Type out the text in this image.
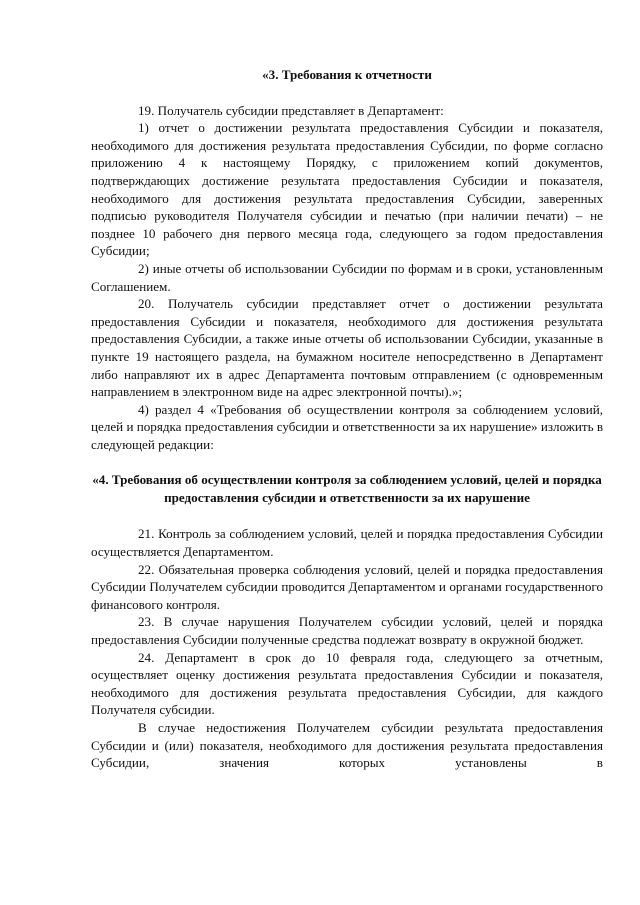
«3. Требования к отчетности

19. Получатель субсидии представляет в Департамент:

1) отчет о достижении результата предоставления Субсидии и показателя, необходимого для достижения результата предоставления Субсидии, по форме согласно приложению 4 к настоящему Порядку, с приложением копий документов, подтверждающих достижение результата предоставления Субсидии и показателя, необходимого для достижения результата предоставления Субсидии, заверенных подписью руководителя Получателя субсидии и печатью (при наличии печати) – не позднее 10 рабочего дня первого месяца года, следующего за годом предоставления Субсидии;

2) иные отчеты об использовании Субсидии по формам и в сроки, установленным Соглашением.

20. Получатель субсидии представляет отчет о достижении результата предоставления Субсидии и показателя, необходимого для достижения результата предоставления Субсидии, а также иные отчеты об использовании Субсидии, указанные в пункте 19 настоящего раздела, на бумажном носителе непосредственно в Департамент либо направляют их в адрес Департамента почтовым отправлением (с одновременным направлением в электронном виде на адрес электронной почты).»;

4) раздел 4 «Требования об осуществлении контроля за соблюдением условий, целей и порядка предоставления субсидии и ответственности за их нарушение» изложить в следующей редакции:

«4. Требования об осуществлении контроля за соблюдением условий, целей и порядка предоставления субсидии и ответственности за их нарушение

21. Контроль за соблюдением условий, целей и порядка предоставления Субсидии осуществляется Департаментом.

22. Обязательная проверка соблюдения условий, целей и порядка предоставления Субсидии Получателем субсидии проводится Департаментом и органами государственного финансового контроля.

23. В случае нарушения Получателем субсидии условий, целей и порядка предоставления Субсидии полученные средства подлежат возврату в окружной бюджет.

24. Департамент в срок до 10 февраля года, следующего за отчетным, осуществляет оценку достижения результата предоставления Субсидии и показателя, необходимого для достижения результата предоставления Субсидии, для каждого Получателя субсидии.

В случае недостижения Получателем субсидии результата предоставления Субсидии и (или) показателя, необходимого для достижения результата предоставления Субсидии, значения которых установлены в
